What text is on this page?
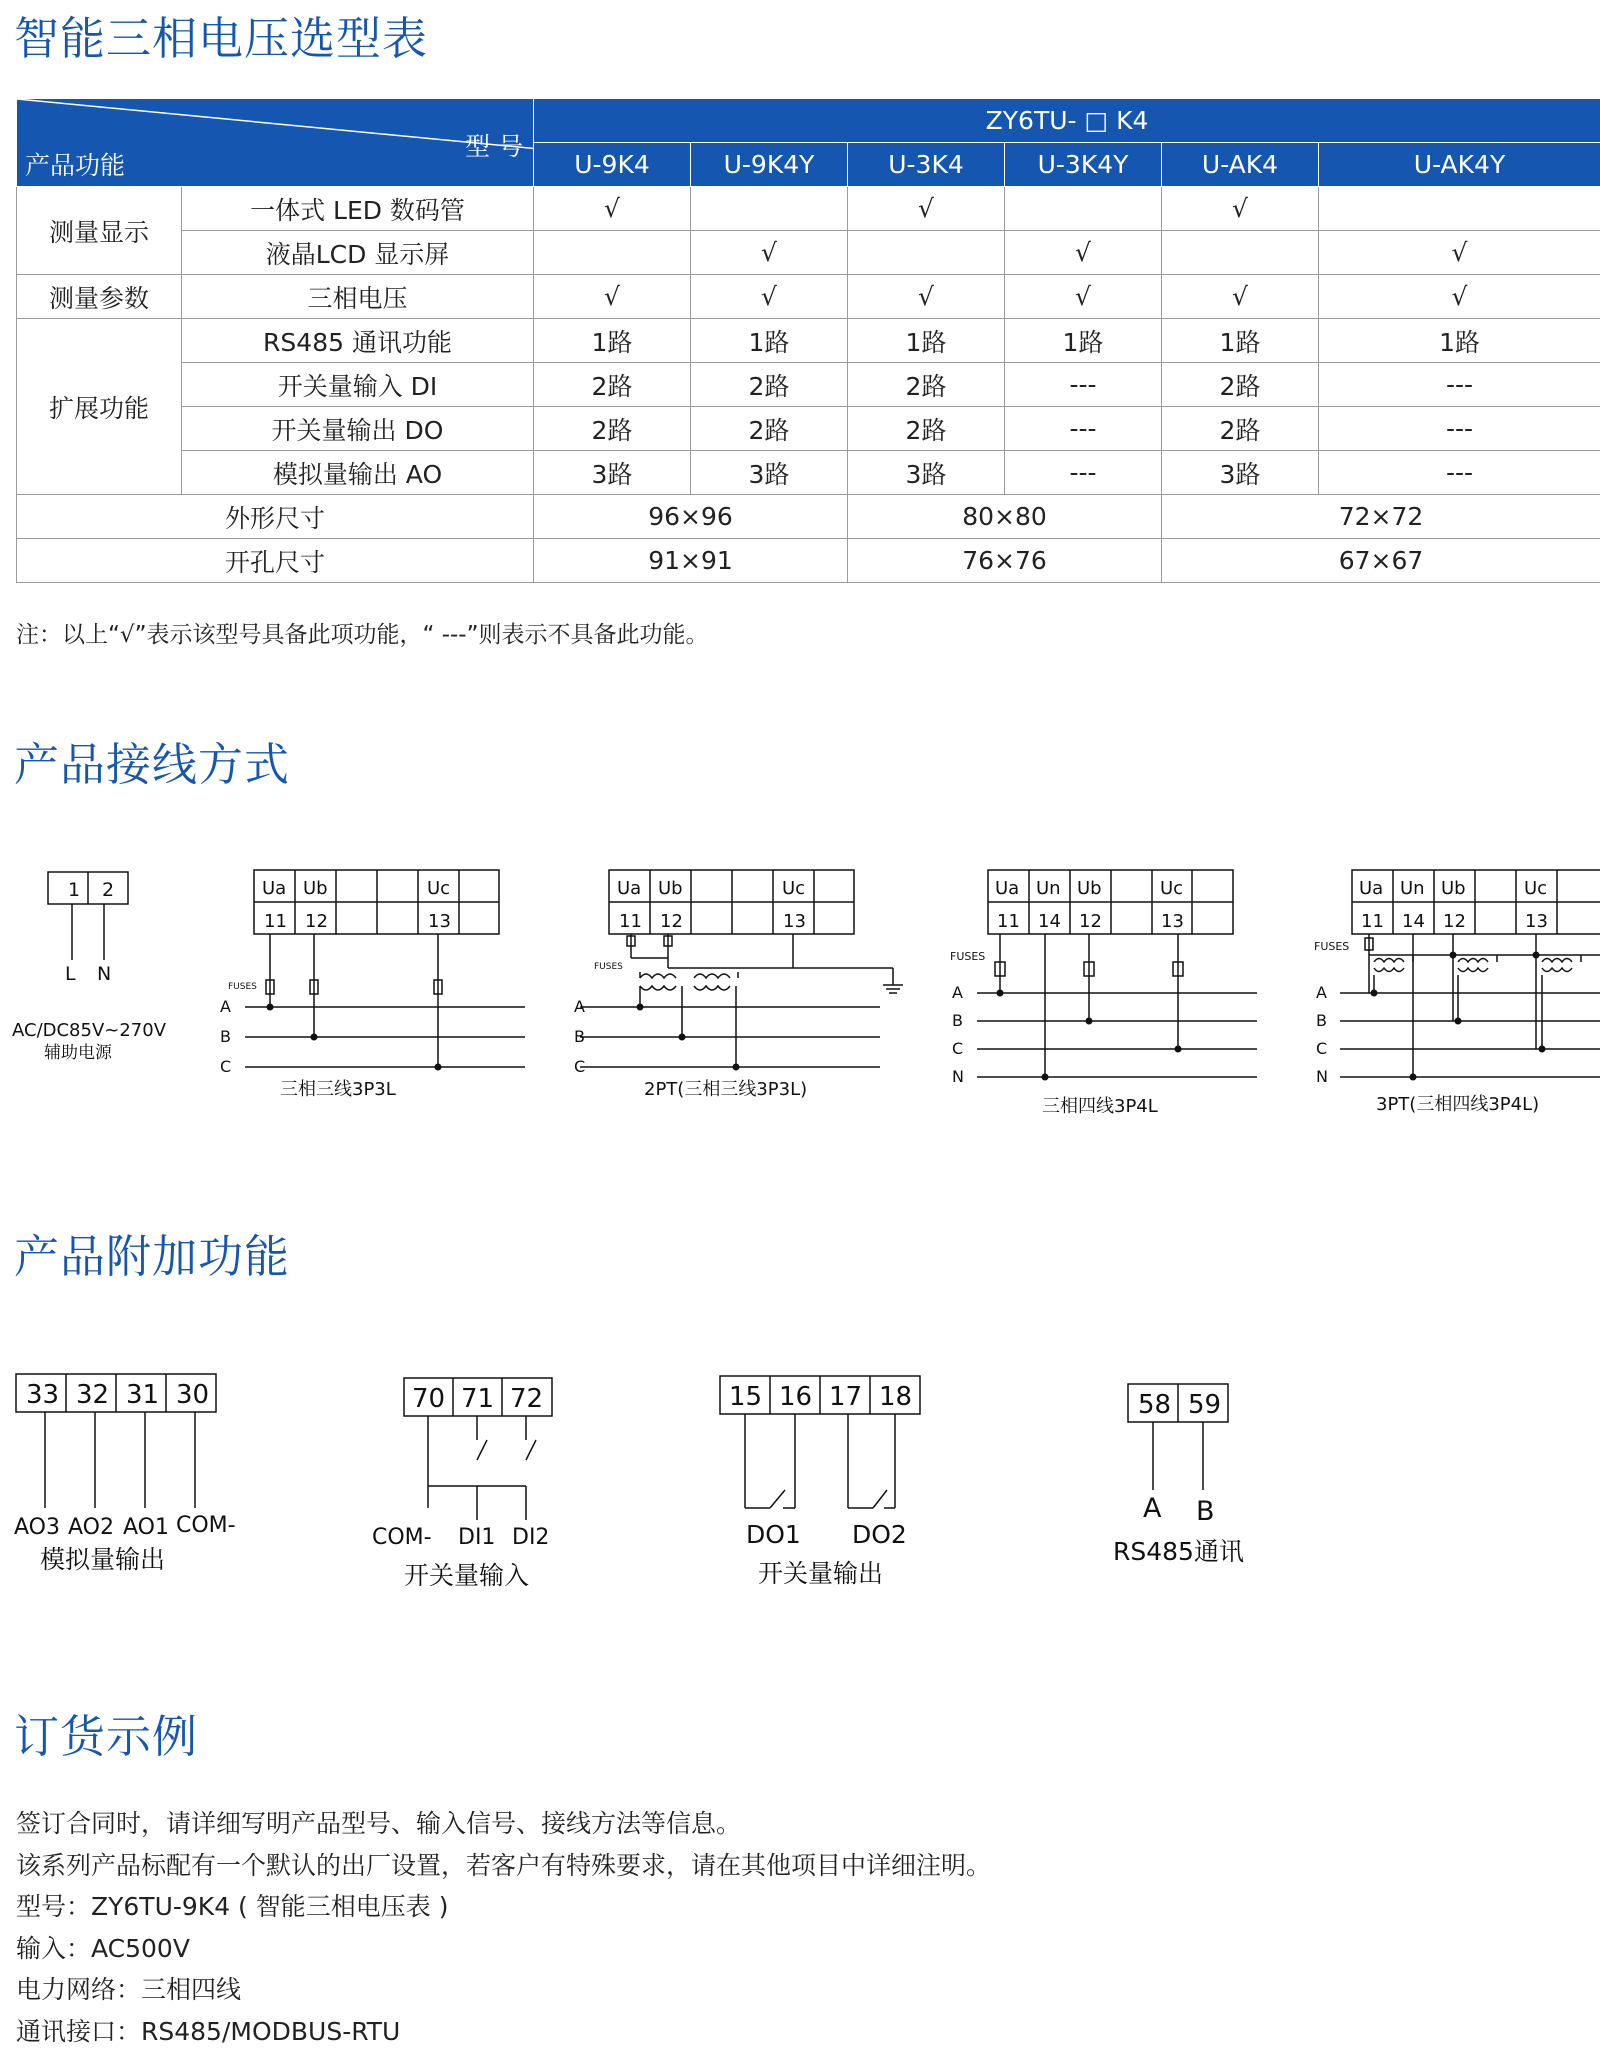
智能三相电压选型表
产品接线方式
产品附加功能
订货示例
型 号
产品功能		ZY6TU- □ K4					
		U-9K4	U-9K4Y	U-3K4	U-3K4Y	U-AK4	U-AK4Y
测量显示	一体式 LED 数码管	√		√		√	
	液晶LCD 显示屏		√		√		√
测量参数	三相电压	√	√	√	√	√	√
扩展功能	RS485 通讯功能	1路	1路	1路	1路	1路	1路
	开关量输入 DI	2路	2路	2路	---	2路	---
	开关量输出 DO	2路	2路	2路	---	2路	---
	模拟量输出 AO	3路	3路	3路	---	3路	---
外形尺寸		96×96		80×80		72×72	
开孔尺寸		91×91		76×76		67×67	
注：以上“√”表示该型号具备此项功能，“ ---”则表示不具备此功能。
1 2
L N
AC/DC85V~270V
辅助电源
Ua Ub	Uc
11 12	13
FUSES
A
B
C
三相三线3P3L
Ua Ub	Uc
11 12	13
FUSES
A
B
C
2PT(三相三线3P3L)
Ua Un Ub	Uc
11 14 12	13
FUSES
A
B
C
N
三相四线3P4L
Ua Un Ub	Uc
11 14 12	13
FUSES
A
B
C
N
3PT(三相四线3P4L)
33 32 31 30
AO3 AO2 AO1 COM-
模拟量输出
70 71 72
COM- DI1 DI2
开关量输入
15 16 17 18
DO1 DO2
开关量输出
58 59
A B
RS485通讯

签订合同时，请详细写明产品型号、输入信号、接线方法等信息。

该系列产品标配有一个默认的出厂设置，若客户有特殊要求，请在其他项目中详细注明。

型号：ZY6TU-9K4 ( 智能三相电压表 )

输入：AC500V

电力网络：三相四线

通讯接口：RS485/MODBUS-RTU
